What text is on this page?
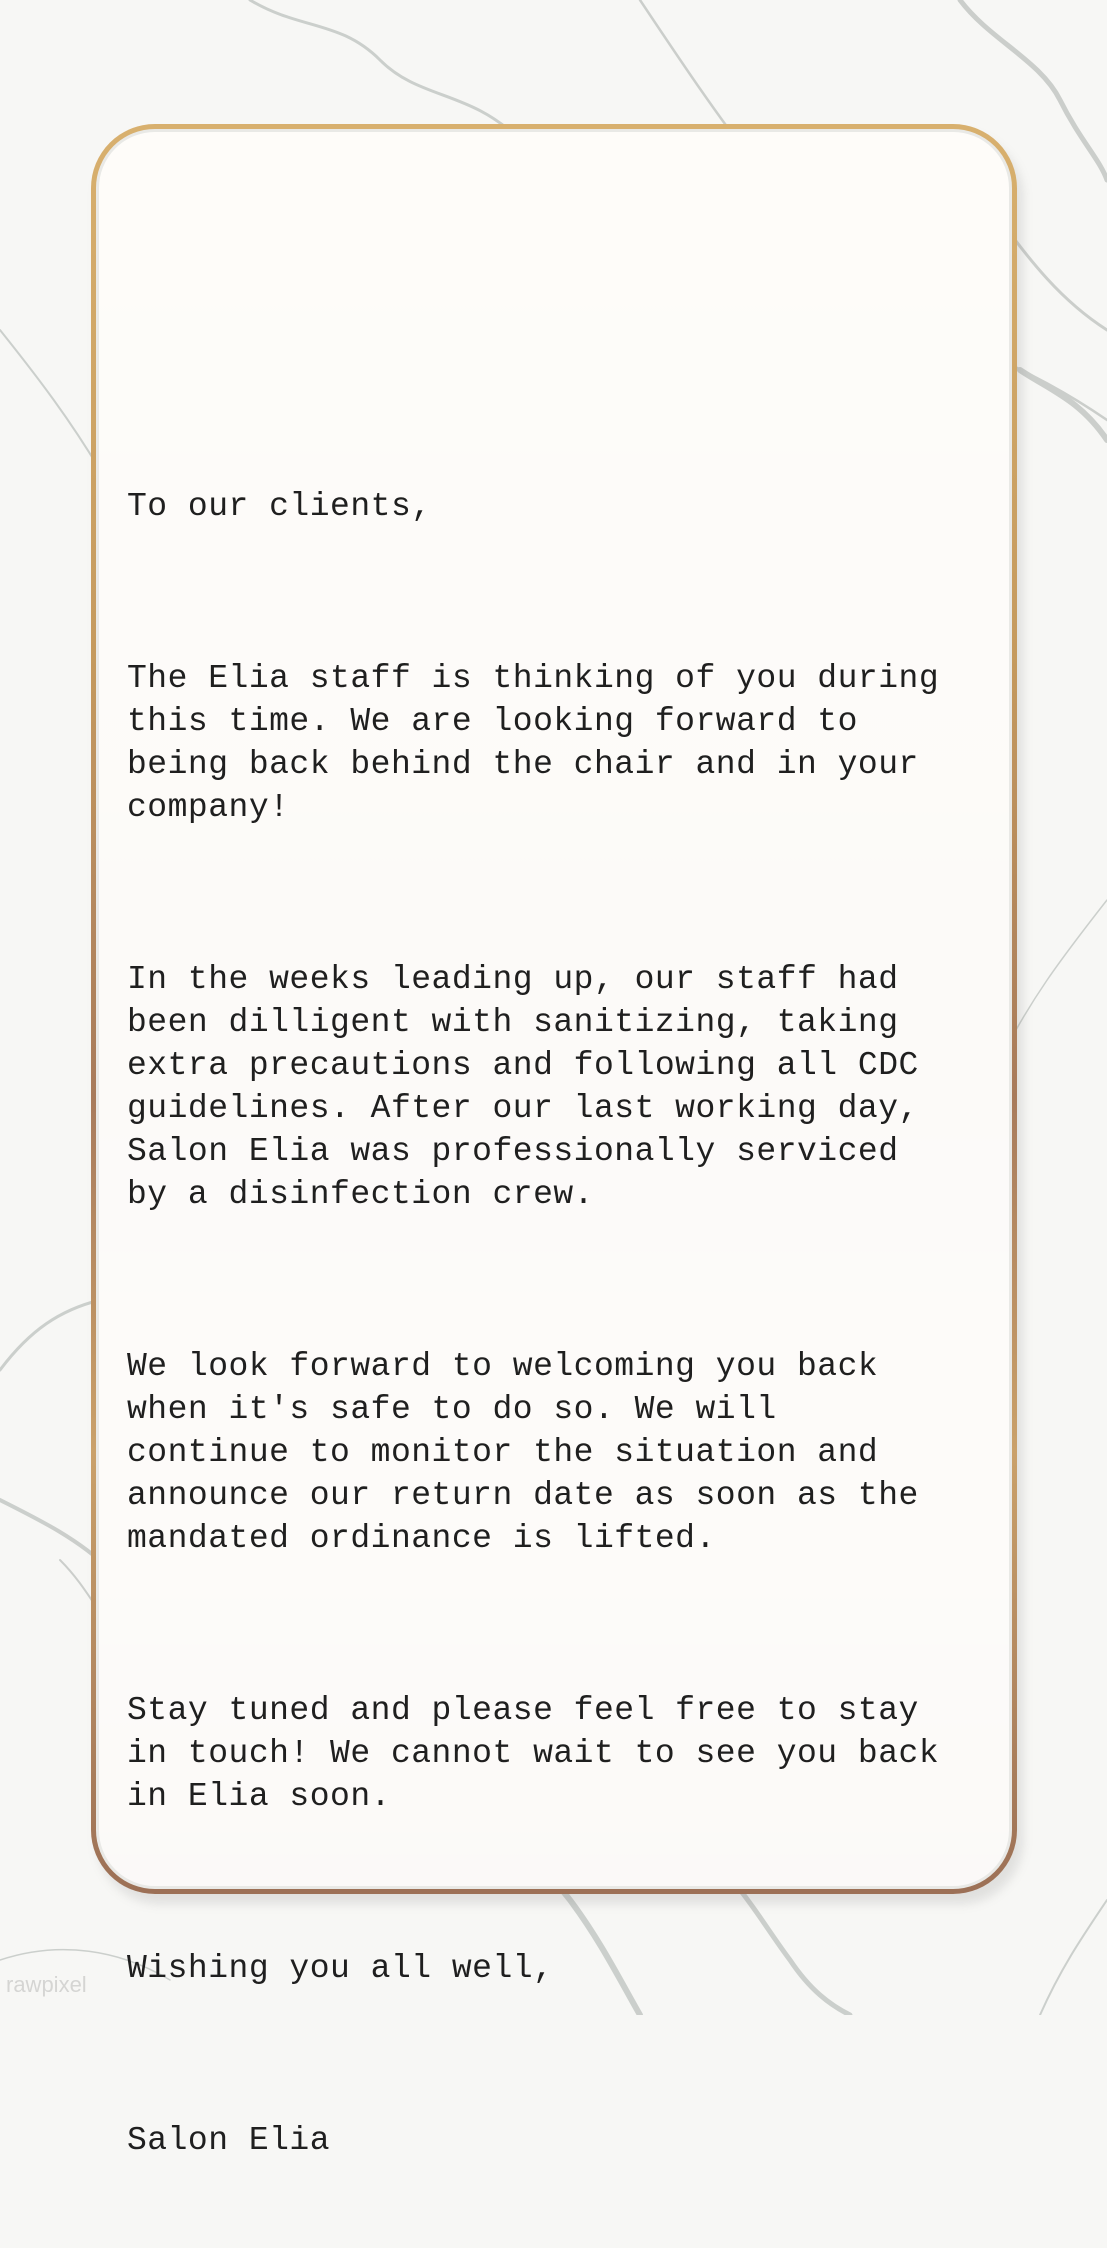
To our clients,

The Elia staff is thinking of you during
this time. We are looking forward to
being back behind the chair and in your
company!

In the weeks leading up, our staff had
been dilligent with sanitizing, taking
extra precautions and following all CDC
guidelines. After our last working day,
Salon Elia was professionally serviced
by a disinfection crew.

We look forward to welcoming you back
when it's safe to do so. We will
continue to monitor the situation and
announce our return date as soon as the
mandated ordinance is lifted.

Stay tuned and please feel free to stay
in touch! We cannot wait to see you back
in Elia soon.

Wishing you all well,

Salon Elia

rawpixel
